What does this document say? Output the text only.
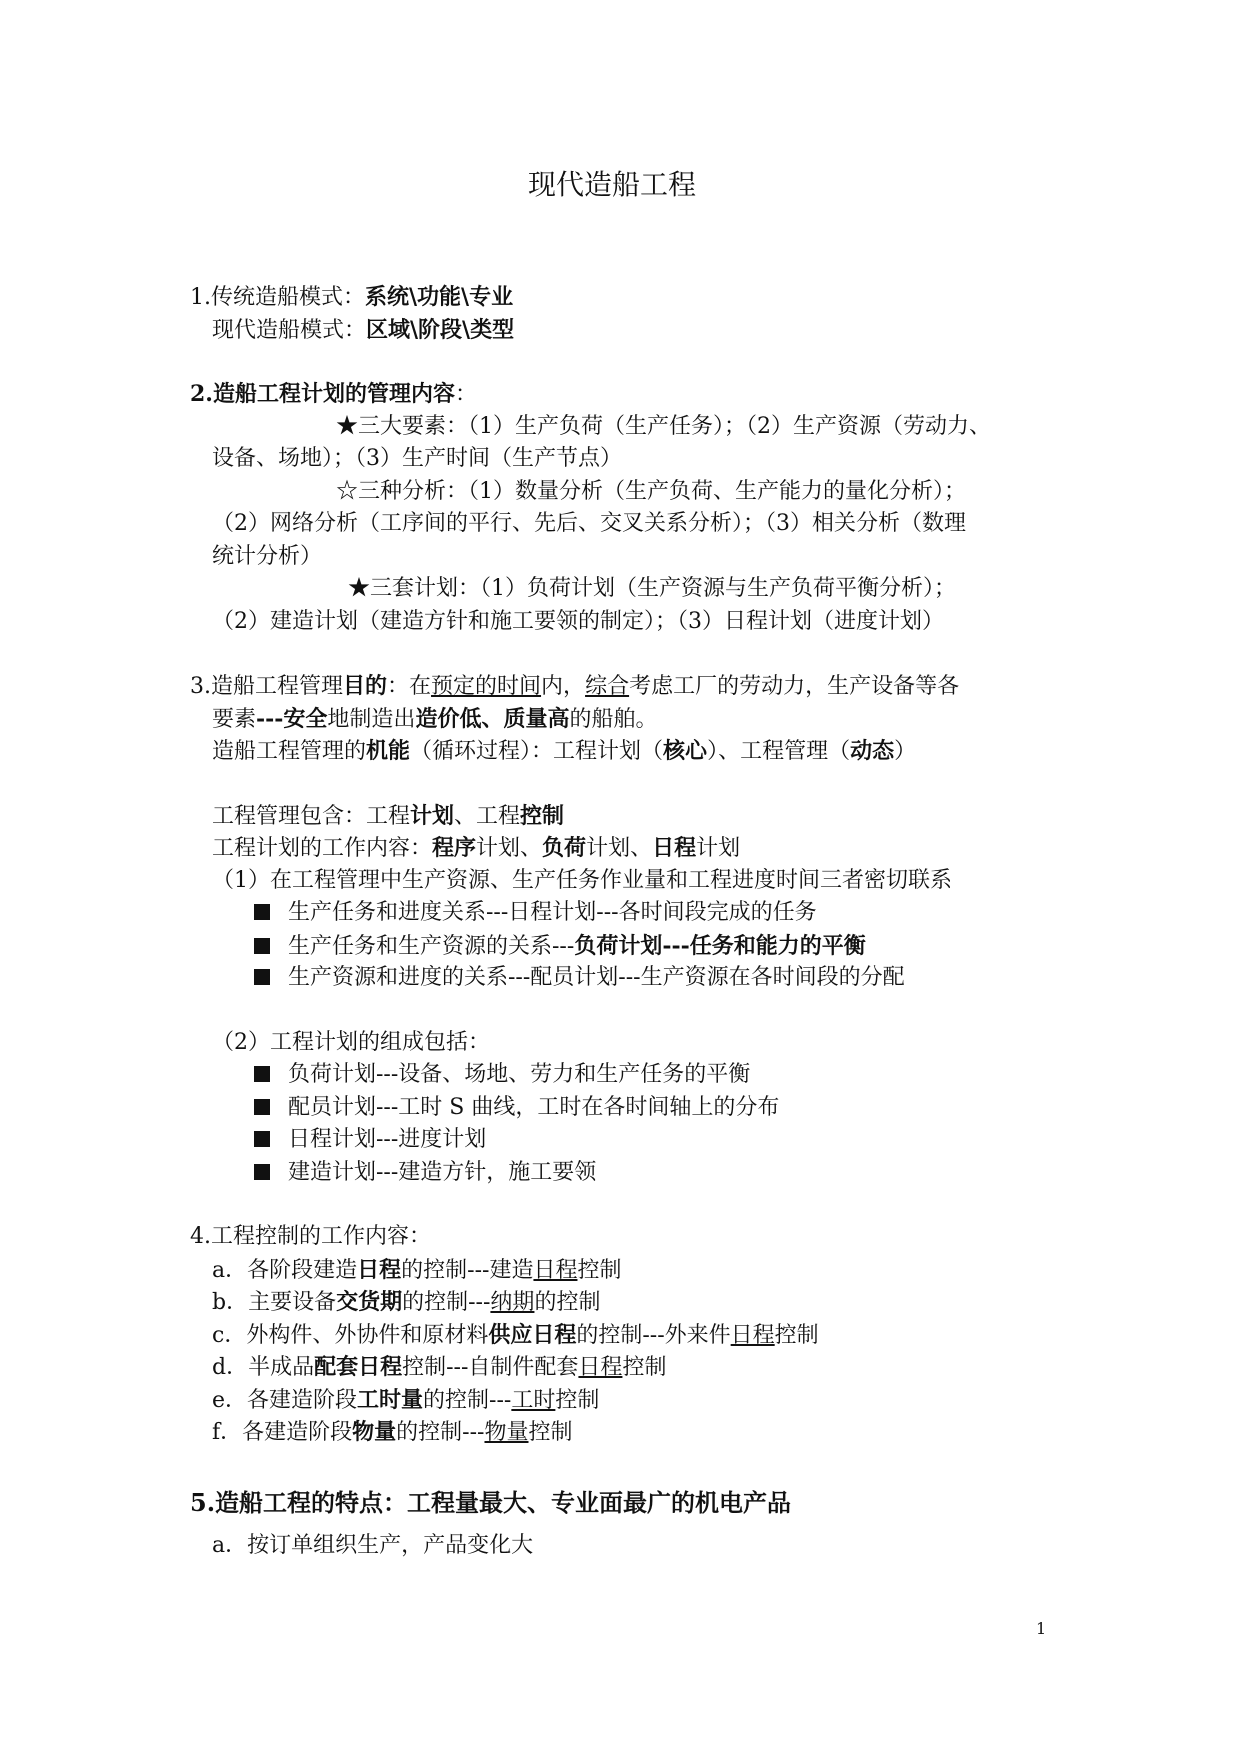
现代造船工程
1.传统造船模式：系统\功能\专业
现代造船模式：区域\阶段\类型
2.造船工程计划的管理内容：
★三大要素：（1）生产负荷（生产任务）；（2）生产资源（劳动力、
设备、场地）；（3）生产时间（生产节点）
☆三种分析：（1）数量分析（生产负荷、生产能力的量化分析）；
（2）网络分析（工序间的平行、先后、交叉关系分析）；（3）相关分析（数理
统计分析）
★三套计划：（1）负荷计划（生产资源与生产负荷平衡分析）；
（2）建造计划（建造方针和施工要领的制定）；（3）日程计划（进度计划）
3.造船工程管理目的：在预定的时间内，综合考虑工厂的劳动力，生产设备等各
要素---安全地制造出造价低、质量高的船舶。
造船工程管理的机能（循环过程）：工程计划（核心）、工程管理（动态）
工程管理包含：工程计划、工程控制
工程计划的工作内容：程序计划、负荷计划、日程计划
（1）在工程管理中生产资源、生产任务作业量和工程进度时间三者密切联系
生产任务和进度关系---日程计划---各时间段完成的任务
生产任务和生产资源的关系---负荷计划---任务和能力的平衡
生产资源和进度的关系---配员计划---生产资源在各时间段的分配
（2）工程计划的组成包括：
负荷计划---设备、场地、劳力和生产任务的平衡
配员计划---工时 S 曲线，工时在各时间轴上的分布
日程计划---进度计划
建造计划---建造方针，施工要领
4.工程控制的工作内容：
a．各阶段建造日程的控制---建造日程控制
b．主要设备交货期的控制---纳期的控制
c．外构件、外协件和原材料供应日程的控制---外来件日程控制
d．半成品配套日程控制---自制件配套日程控制
e．各建造阶段工时量的控制---工时控制
f．各建造阶段物量的控制---物量控制
5.造船工程的特点：工程量最大、专业面最广的机电产品
a．按订单组织生产，产品变化大
1
